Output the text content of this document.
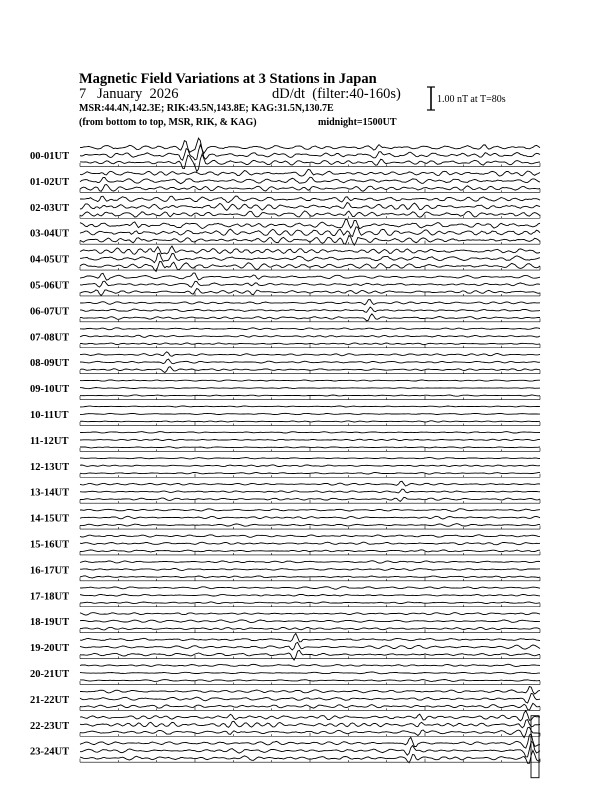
Magnetic Field Variations at 3 Stations in Japan
7 January 2026	dD/dt (filter:40-160s)
MSR:44.4N,142.3E; RIK:43.5N,143.8E; KAG:31.5N,130.7E
(from bottom to top, MSR, RIK, & KAG)	midnight=1500UT
1.00 nT at T=80s
00-01UT
01-02UT
02-03UT
03-04UT
04-05UT
05-06UT
06-07UT
07-08UT
08-09UT
09-10UT
10-11UT
11-12UT
12-13UT
13-14UT
14-15UT
15-16UT
16-17UT
17-18UT
18-19UT
19-20UT
20-21UT
21-22UT
22-23UT
23-24UT
